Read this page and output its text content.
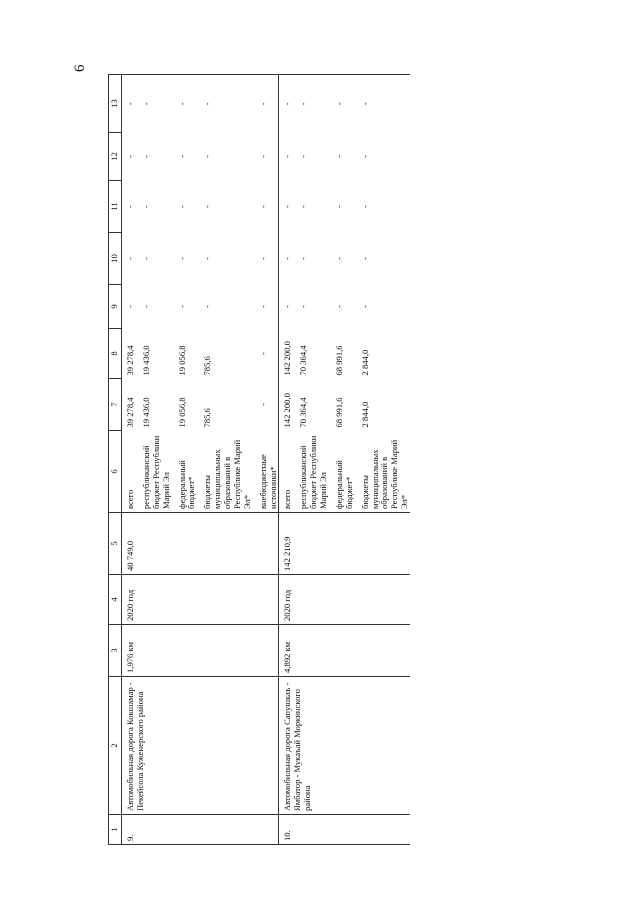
6
1	2	3	4	5	6	7	8	9	10	11	12	13
9.	Автомобильная дорога Кокшамар - Пекейсола Куженерского района	1,976 км	2020 год	40 749,0	всего	39 278,4	39 278,4	-	-	-	-	-
					республиканский бюджет Республики Марий Эл	19 436,0	19 436,0	-	-	-	-	-
					федеральный бюджет*	19 056,8	19 056,8	-	-	-	-	-
					бюджеты муниципальных образований в Республике Марий Эл*	785,6	785,6	-	-	-	-	-
					внебюджетные источники*	-	-	-	-	-	-	-
10.	Автомобильная дорога Сапушкаъ - Ямбатор - Мукаъай Моркинского района	4,892 км	2020 год	142 210,9	всего	142 200,0	142 200,0	-	-	-	-	-
					республиканский бюджет Республики Марий Эл	70 364,4	70 364,4	-	-	-	-	-
					федеральный бюджет*	68 991,6	68 991,6	-	-	-	-	-
					бюджеты муниципальных образований в Республике Марий Эл*	2 844,0	2 844,0	-	-	-	-	-
